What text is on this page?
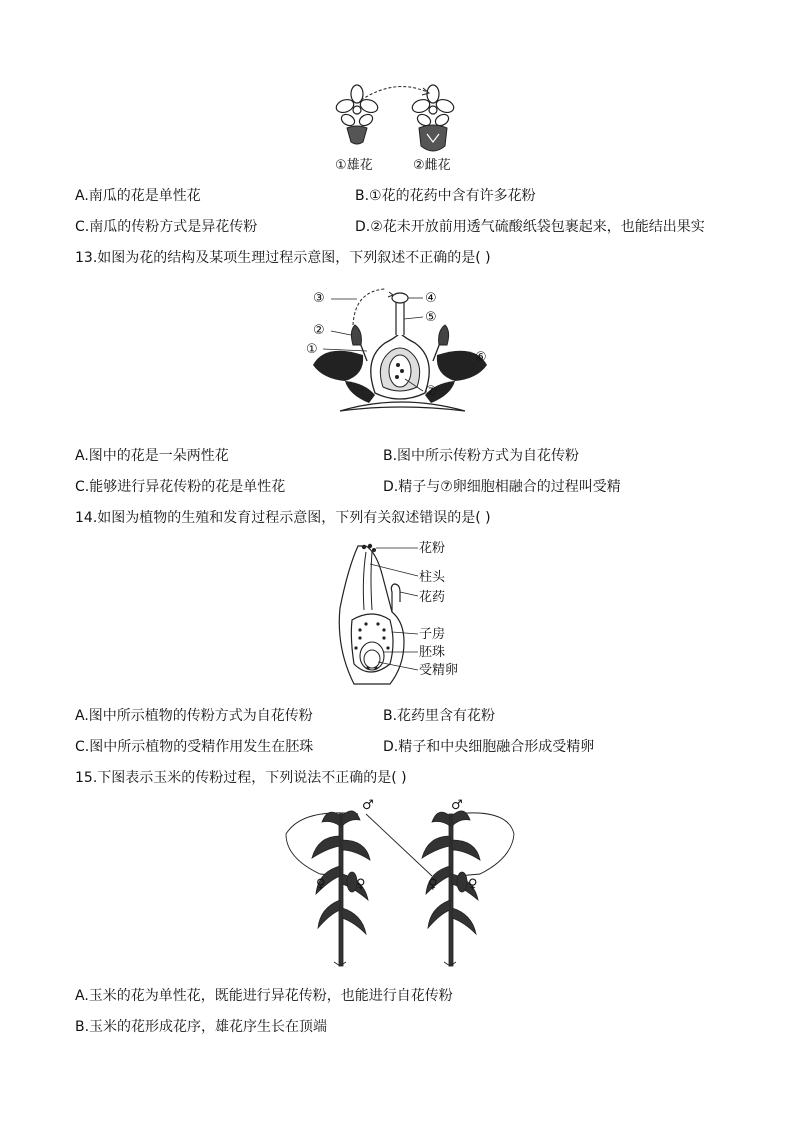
①雄花	②雌花
A.南瓜的花是单性花	B.①花的花药中含有许多花粉
C.南瓜的传粉方式是异花传粉	D.②花未开放前用透气硫酸纸袋包裹起来，也能结出果实
13.如图为花的结构及某项生理过程示意图，下列叙述不正确的是( )
③	④
②
⑤
①
⑥
⑦
A.图中的花是一朵两性花	B.图中所示传粉方式为自花传粉
C.能够进行异花传粉的花是单性花	D.精子与⑦卵细胞相融合的过程叫受精
14.如图为植物的生殖和发育过程示意图，下列有关叙述错误的是( )
花粉
柱头
花药
子房
胚珠
受精卵
A.图中所示植物的传粉方式为自花传粉	B.花药里含有花粉
C.图中所示植物的受精作用发生在胚珠	D.精子和中央细胞融合形成受精卵
15.下图表示玉米的传粉过程，下列说法不正确的是( )
♂	♂
♀ ♀	♀ ♀
A.玉米的花为单性花，既能进行异花传粉，也能进行自花传粉
B.玉米的花形成花序，雄花序生长在顶端
